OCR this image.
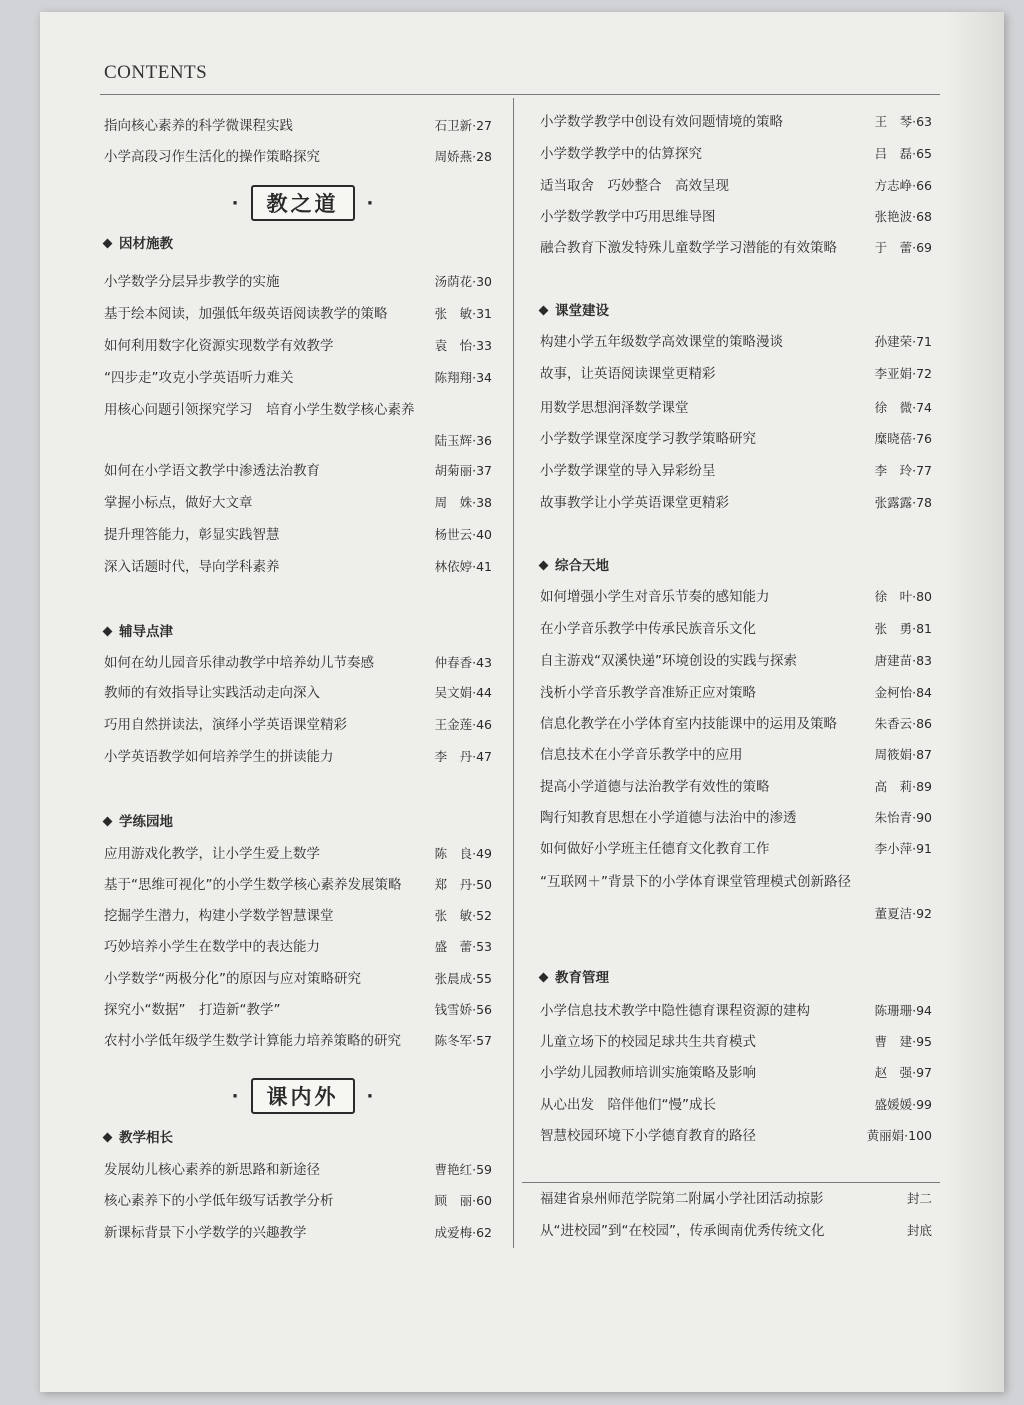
CONTENTS
指向核心素养的科学微课程实践	石卫新·27
小学高段习作生活化的操作策略探究	周娇燕·28
·	教之道	·
因材施教
小学数学分层异步教学的实施	汤荫花·30
基于绘本阅读，加强低年级英语阅读教学的策略	张　敏·31
如何利用数字化资源实现数学有效教学	袁　怡·33
“四步走”攻克小学英语听力难关	陈翔翔·34
用核心问题引领探究学习　培育小学生数学核心素养
陆玉辉·36
如何在小学语文教学中渗透法治教育	胡菊丽·37
掌握小标点，做好大文章	周　姝·38
提升理答能力，彰显实践智慧	杨世云·40
深入话题时代，导向学科素养	林依婷·41
辅导点津
如何在幼儿园音乐律动教学中培养幼儿节奏感	仲春香·43
教师的有效指导让实践活动走向深入	吴文娟·44
巧用自然拼读法，演绎小学英语课堂精彩	王金莲·46
小学英语教学如何培养学生的拼读能力	李　丹·47
学练园地
应用游戏化教学，让小学生爱上数学	陈　良·49
基于“思维可视化”的小学生数学核心素养发展策略	郑　丹·50
挖掘学生潜力，构建小学数学智慧课堂	张　敏·52
巧妙培养小学生在数学中的表达能力	盛　蕾·53
小学数学“两极分化”的原因与应对策略研究	张晨成·55
探究小“数据”　打造新“教学”	钱雪娇·56
农村小学低年级学生数学计算能力培养策略的研究	陈冬军·57
教学相长
发展幼儿核心素养的新思路和新途径	曹艳红·59
核心素养下的小学低年级写话教学分析	顾　丽·60
新课标背景下小学数学的兴趣教学	成爱梅·62
·	课内外	·
小学数学教学中创设有效问题情境的策略	王　琴·63
小学数学教学中的估算探究	吕　磊·65
适当取舍　巧妙整合　高效呈现	方志峥·66
小学数学教学中巧用思维导图	张艳波·68
融合教育下激发特殊儿童数学学习潜能的有效策略	于　蕾·69
课堂建设
构建小学五年级数学高效课堂的策略漫谈	孙建荣·71
故事，让英语阅读课堂更精彩	李亚娟·72
用数学思想润泽数学课堂	徐　微·74
小学数学课堂深度学习教学策略研究	糜晓蓓·76
小学数学课堂的导入异彩纷呈	李　玲·77
故事教学让小学英语课堂更精彩	张露露·78
综合天地
如何增强小学生对音乐节奏的感知能力	徐　叶·80
在小学音乐教学中传承民族音乐文化	张　勇·81
自主游戏“双溪快递”环境创设的实践与探索	唐建苗·83
浅析小学音乐教学音准矫正应对策略	金柯怡·84
信息化教学在小学体育室内技能课中的运用及策略	朱香云·86
信息技术在小学音乐教学中的应用	周筱娟·87
提高小学道德与法治教学有效性的策略	高　莉·89
陶行知教育思想在小学道德与法治中的渗透	朱怡青·90
如何做好小学班主任德育文化教育工作	李小萍·91
“互联网＋”背景下的小学体育课堂管理模式创新路径
董夏洁·92
教育管理
小学信息技术教学中隐性德育课程资源的建构	陈珊珊·94
儿童立场下的校园足球共生共育模式	曹　建·95
小学幼儿园教师培训实施策略及影响	赵　强·97
从心出发　陪伴他们“慢”成长	盛媛媛·99
智慧校园环境下小学德育教育的路径	黄丽娟·100
福建省泉州师范学院第二附属小学社团活动掠影	封二
从“进校园”到“在校园”，传承闽南优秀传统文化	封底
